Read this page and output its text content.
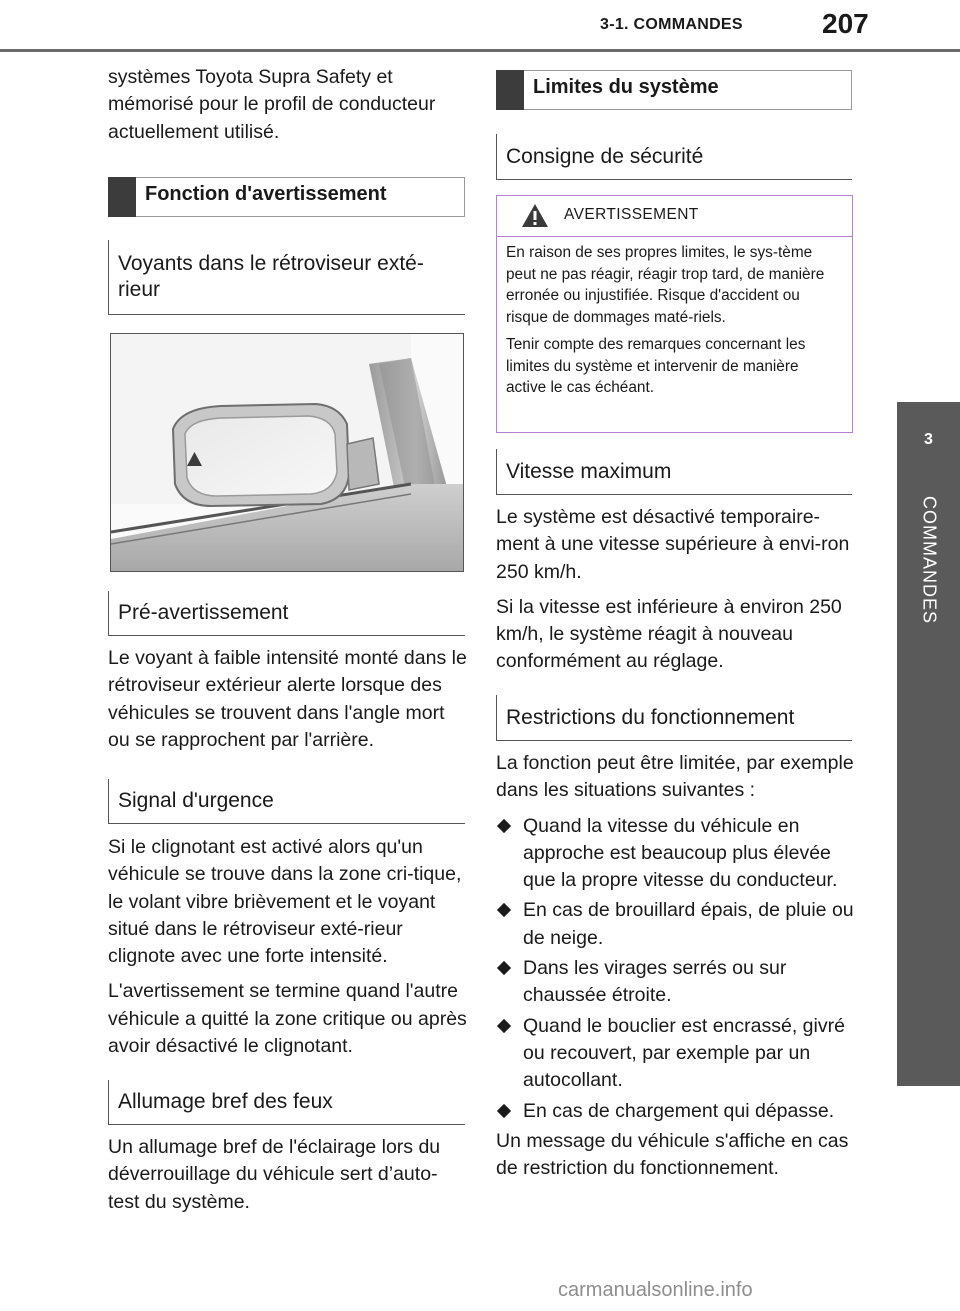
3-1. COMMANDES	207
3
COMMANDES

systèmes Toyota Supra Safety et mémorisé pour le profil de conducteur actuellement utilisé.

Fonction d'avertissement
Voyants dans le rétroviseur exté-rieur
Pré-avertissement

Le voyant à faible intensité monté dans le rétroviseur extérieur alerte lorsque des véhicules se trouvent dans l'angle mort ou se rapprochent par l'arrière.

Signal d'urgence

Si le clignotant est activé alors qu'un véhicule se trouve dans la zone cri-tique, le volant vibre brièvement et le voyant situé dans le rétroviseur exté-rieur clignote avec une forte intensité.

L'avertissement se termine quand l'autre véhicule a quitté la zone critique ou après avoir désactivé le clignotant.

Allumage bref des feux

Un allumage bref de l'éclairage lors du déverrouillage du véhicule sert d’auto-test du système.

Limites du système
Consigne de sécurité
AVERTISSEMENT

En raison de ses propres limites, le sys-tème peut ne pas réagir, réagir trop tard, de manière erronée ou injustifiée. Risque d'accident ou risque de dommages maté-riels.

Tenir compte des remarques concernant les limites du système et intervenir de manière active le cas échéant.

Vitesse maximum

Le système est désactivé temporaire-ment à une vitesse supérieure à envi-ron 250 km/h.

Si la vitesse est inférieure à environ 250 km/h, le système réagit à nouveau conformément au réglage.

Restrictions du fonctionnement

La fonction peut être limitée, par exemple dans les situations suivantes :

Quand la vitesse du véhicule en approche est beaucoup plus élevée que la propre vitesse du conducteur.
En cas de brouillard épais, de pluie ou de neige.
Dans les virages serrés ou sur chaussée étroite.
Quand le bouclier est encrassé, givré ou recouvert, par exemple par un autocollant.
En cas de chargement qui dépasse.

Un message du véhicule s'affiche en cas de restriction du fonctionnement.

carmanualsonline.info
